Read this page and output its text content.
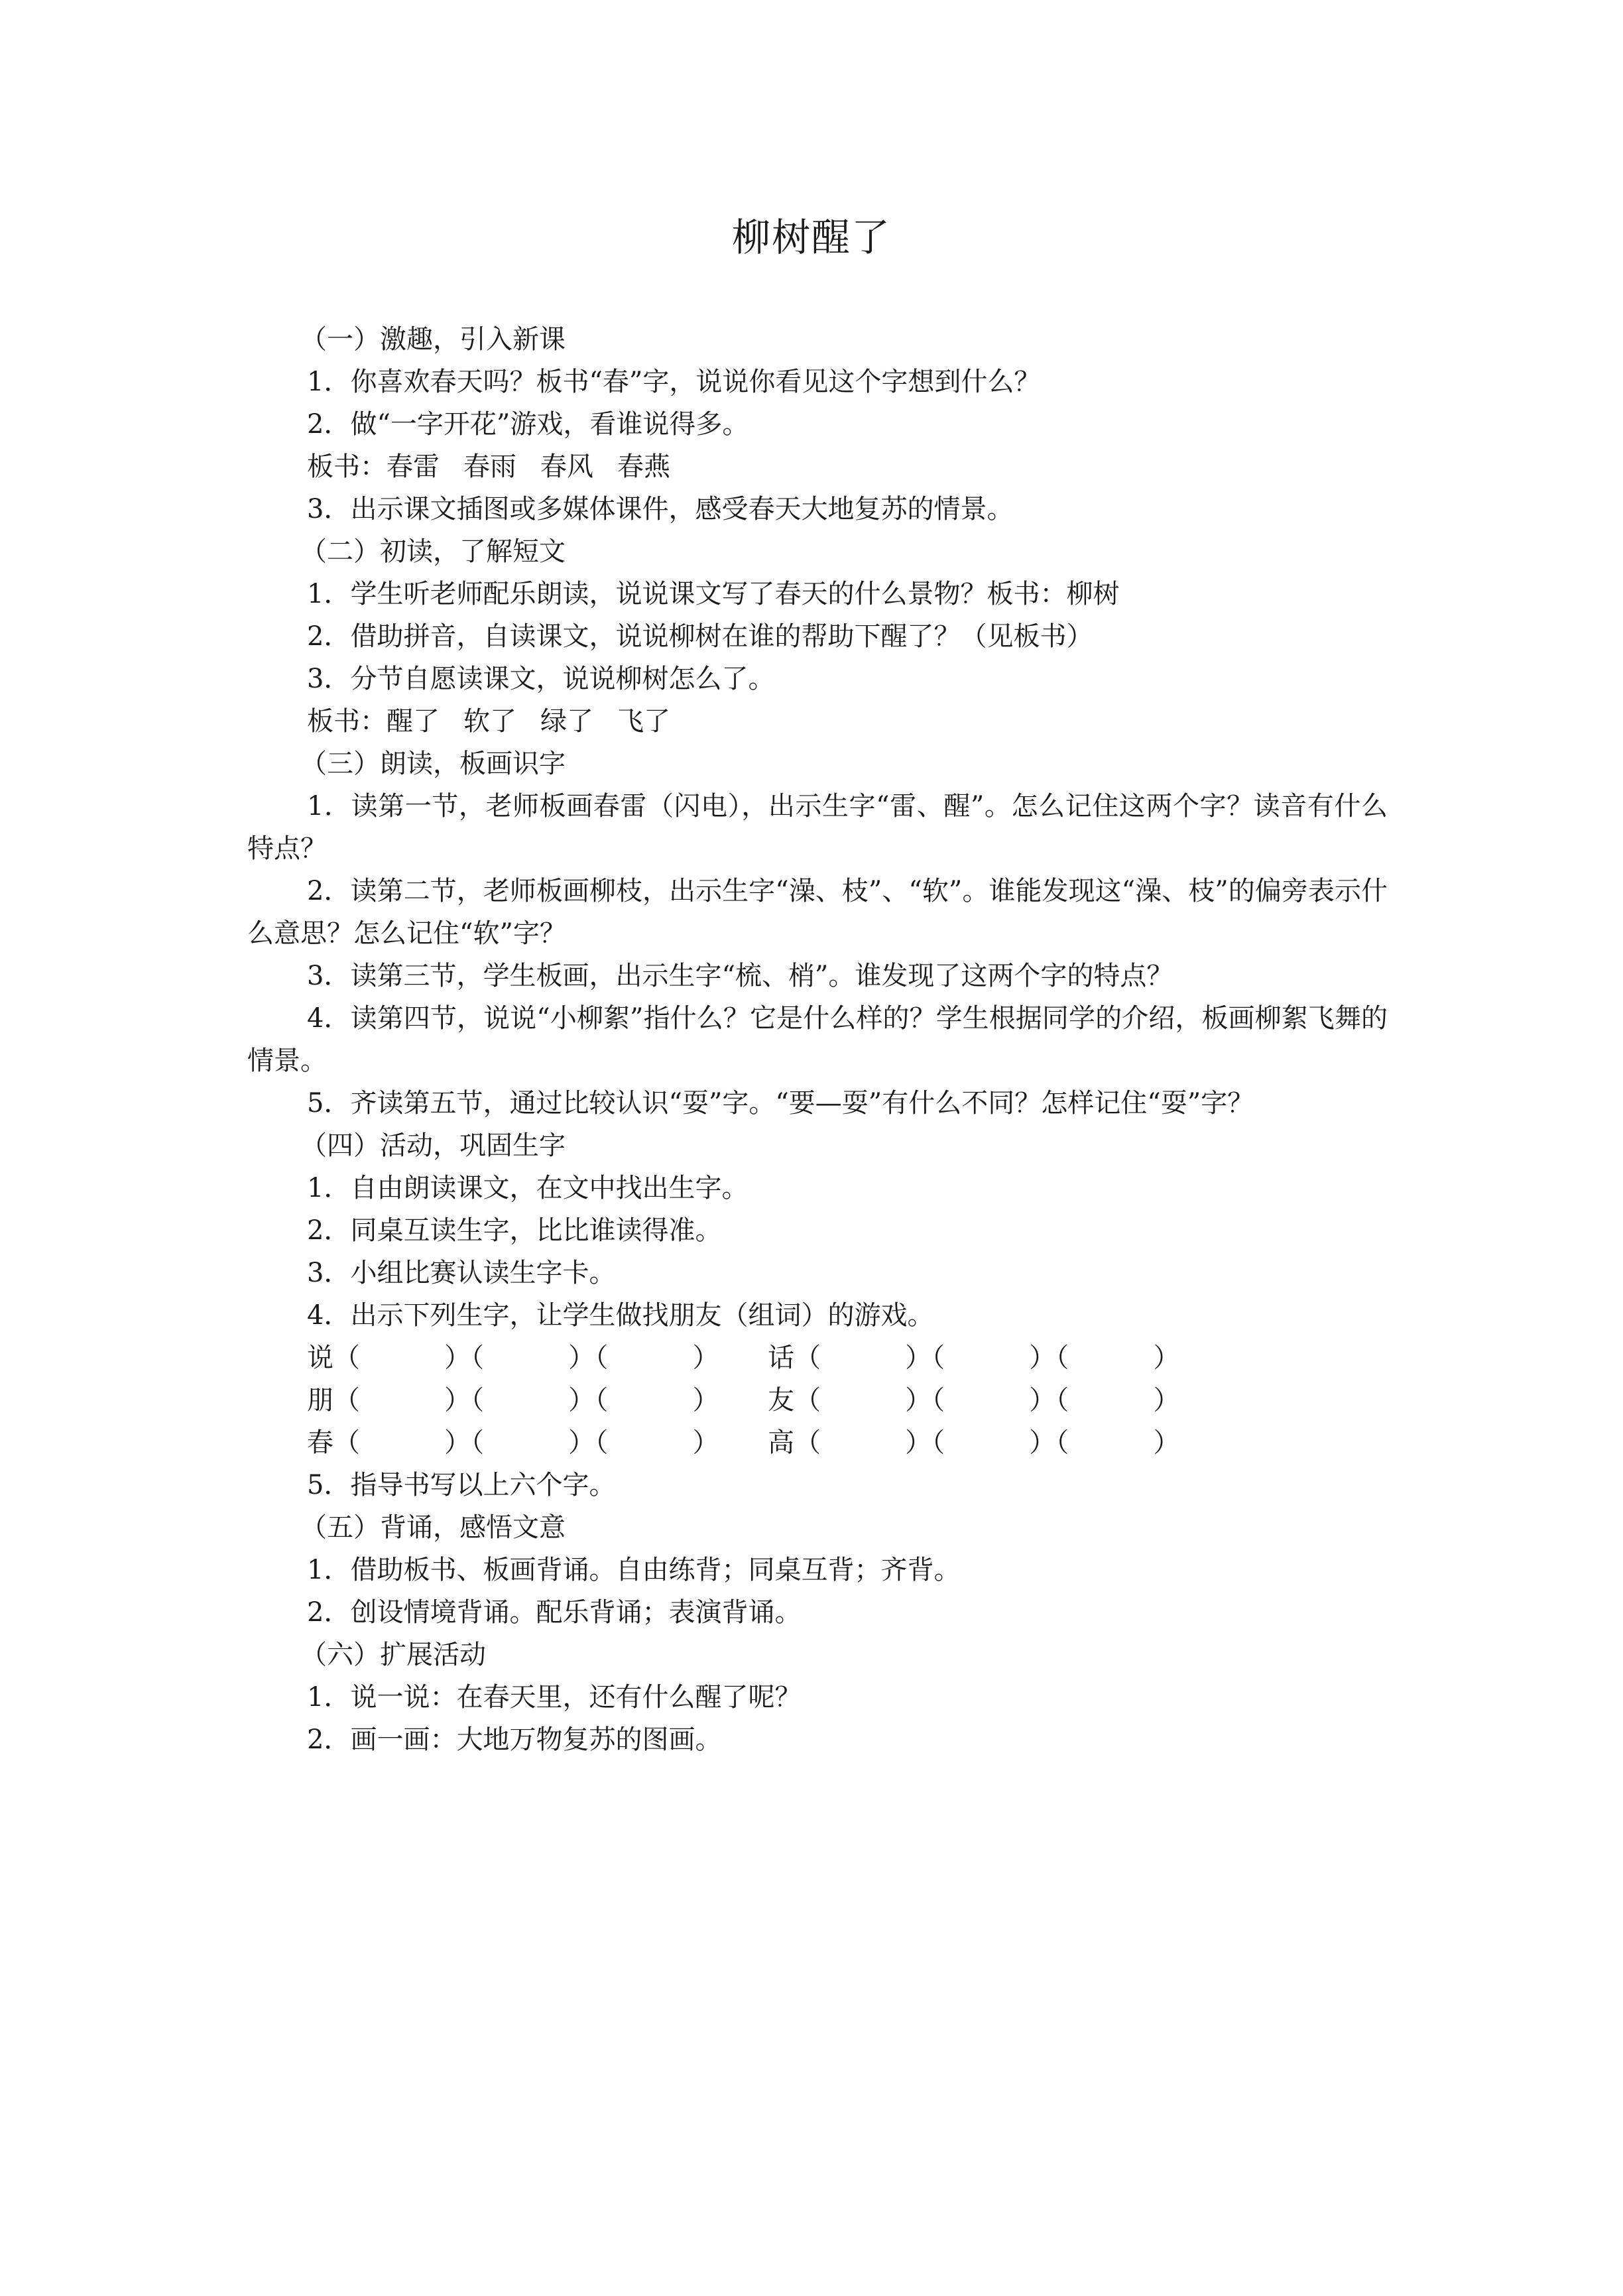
柳树醒了
（一）激趣，引入新课
1．你喜欢春天吗？板书“春”字，说说你看见这个字想到什么？
2．做“一字开花”游戏，看谁说得多。
板书：春雷 春雨 春风 春燕
3．出示课文插图或多媒体课件，感受春天大地复苏的情景。
（二）初读，了解短文
1．学生听老师配乐朗读，说说课文写了春天的什么景物？板书：柳树
2．借助拼音，自读课文，说说柳树在谁的帮助下醒了？（见板书）
3．分节自愿读课文，说说柳树怎么了。
板书：醒了 软了 绿了 飞了
（三）朗读，板画识字
1．读第一节，老师板画春雷（闪电），出示生字“雷、醒”。怎么记住这两个字？读音有什么特点？
2．读第二节，老师板画柳枝，出示生字“澡、枝”、“软”。谁能发现这“澡、枝”的偏旁表示什么意思？怎么记住“软”字？
3．读第三节，学生板画，出示生字“梳、梢”。谁发现了这两个字的特点？
4．读第四节，说说“小柳絮”指什么？它是什么样的？学生根据同学的介绍，板画柳絮飞舞的情景。
5．齐读第五节，通过比较认识“耍”字。“要—耍”有什么不同？怎样记住“耍”字？
（四）活动，巩固生字
1．自由朗读课文，在文中找出生字。
2．同桌互读生字，比比谁读得准。
3．小组比赛认读生字卡。
4．出示下列生字，让学生做找朋友（组词）的游戏。
说（          ）（          ）（          ） 话（          ）（          ）（          ）
朋（          ）（          ）（          ） 友（          ）（          ）（          ）
春（          ）（          ）（          ） 高（          ）（          ）（          ）
5．指导书写以上六个字。
（五）背诵，感悟文意
1．借助板书、板画背诵。自由练背；同桌互背；齐背。
2．创设情境背诵。配乐背诵；表演背诵。
（六）扩展活动
1．说一说：在春天里，还有什么醒了呢？
2．画一画：大地万物复苏的图画。
